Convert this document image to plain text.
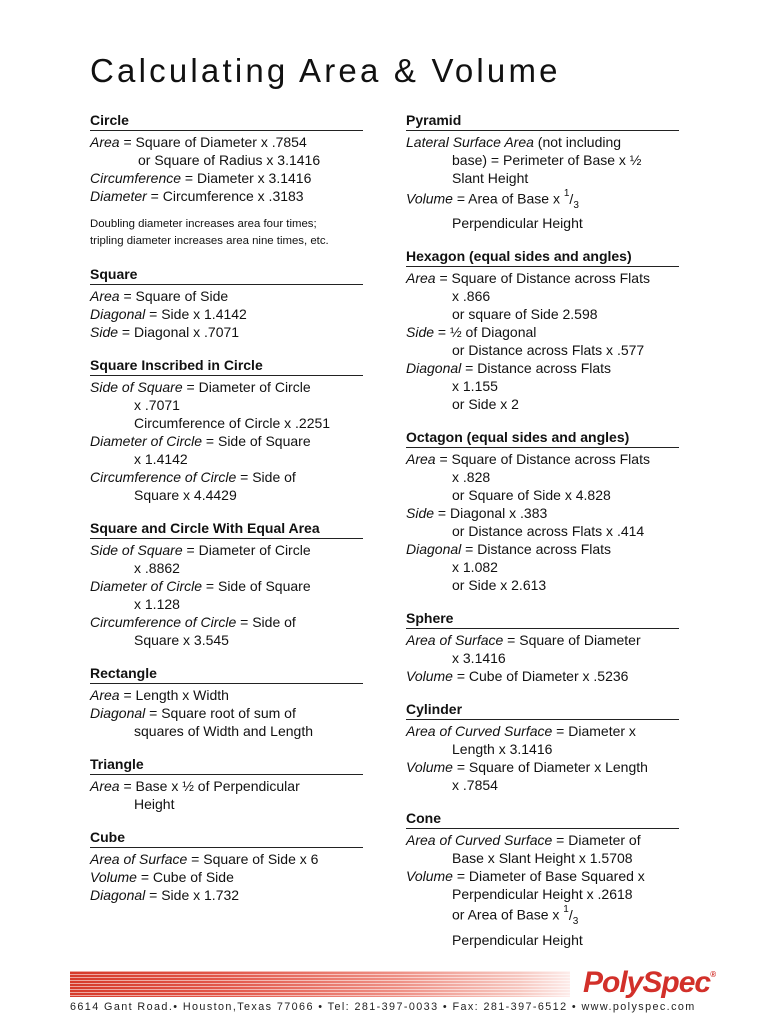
Calculating Area & Volume
Circle
Area = Square of Diameter x .7854
or Square of Radius x 3.1416
Circumference = Diameter x 3.1416
Diameter = Circumference x .3183
Doubling diameter increases area four times;
tripling diameter increases area nine times, etc.
Square
Area = Square of Side
Diagonal = Side x 1.4142
Side = Diagonal x .7071
Square Inscribed in Circle
Side of Square = Diameter of Circle
x .7071
Circumference of Circle x .2251
Diameter of Circle = Side of Square
x 1.4142
Circumference of Circle = Side of
Square x 4.4429
Square and Circle With Equal Area
Side of Square = Diameter of Circle
x .8862
Diameter of Circle = Side of Square
x 1.128
Circumference of Circle = Side of
Square x 3.545
Rectangle
Area = Length x Width
Diagonal = Square root of sum of
squares of Width and Length
Triangle
Area = Base x ½ of Perpendicular
Height
Cube
Area of Surface = Square of Side x 6
Volume = Cube of Side
Diagonal = Side x 1.732
Pyramid
Lateral Surface Area (not including
base) = Perimeter of Base x ½
Slant Height
Volume = Area of Base x $^1/_3$
Perpendicular Height
Hexagon (equal sides and angles)
Area = Square of Distance across Flats
x .866
or square of Side 2.598
Side = ½ of Diagonal
or Distance across Flats x .577
Diagonal = Distance across Flats
x 1.155
or Side x 2
Octagon (equal sides and angles)
Area = Square of Distance across Flats
x .828
or Square of Side x 4.828
Side = Diagonal x .383
or Distance across Flats x .414
Diagonal = Distance across Flats
x 1.082
or Side x 2.613
Sphere
Area of Surface = Square of Diameter
x 3.1416
Volume = Cube of Diameter x .5236
Cylinder
Area of Curved Surface = Diameter x
Length x 3.1416
Volume = Square of Diameter x Length
x .7854
Cone
Area of Curved Surface = Diameter of
Base x Slant Height x 1.5708
Volume = Diameter of Base Squared x
Perpendicular Height x .2618
or Area of Base x $^1/_3$
Perpendicular Height
PolySpec®
6614 Gant Road.• Houston,Texas 77066 • Tel: 281-397-0033 • Fax: 281-397-6512 • www.polyspec.com
